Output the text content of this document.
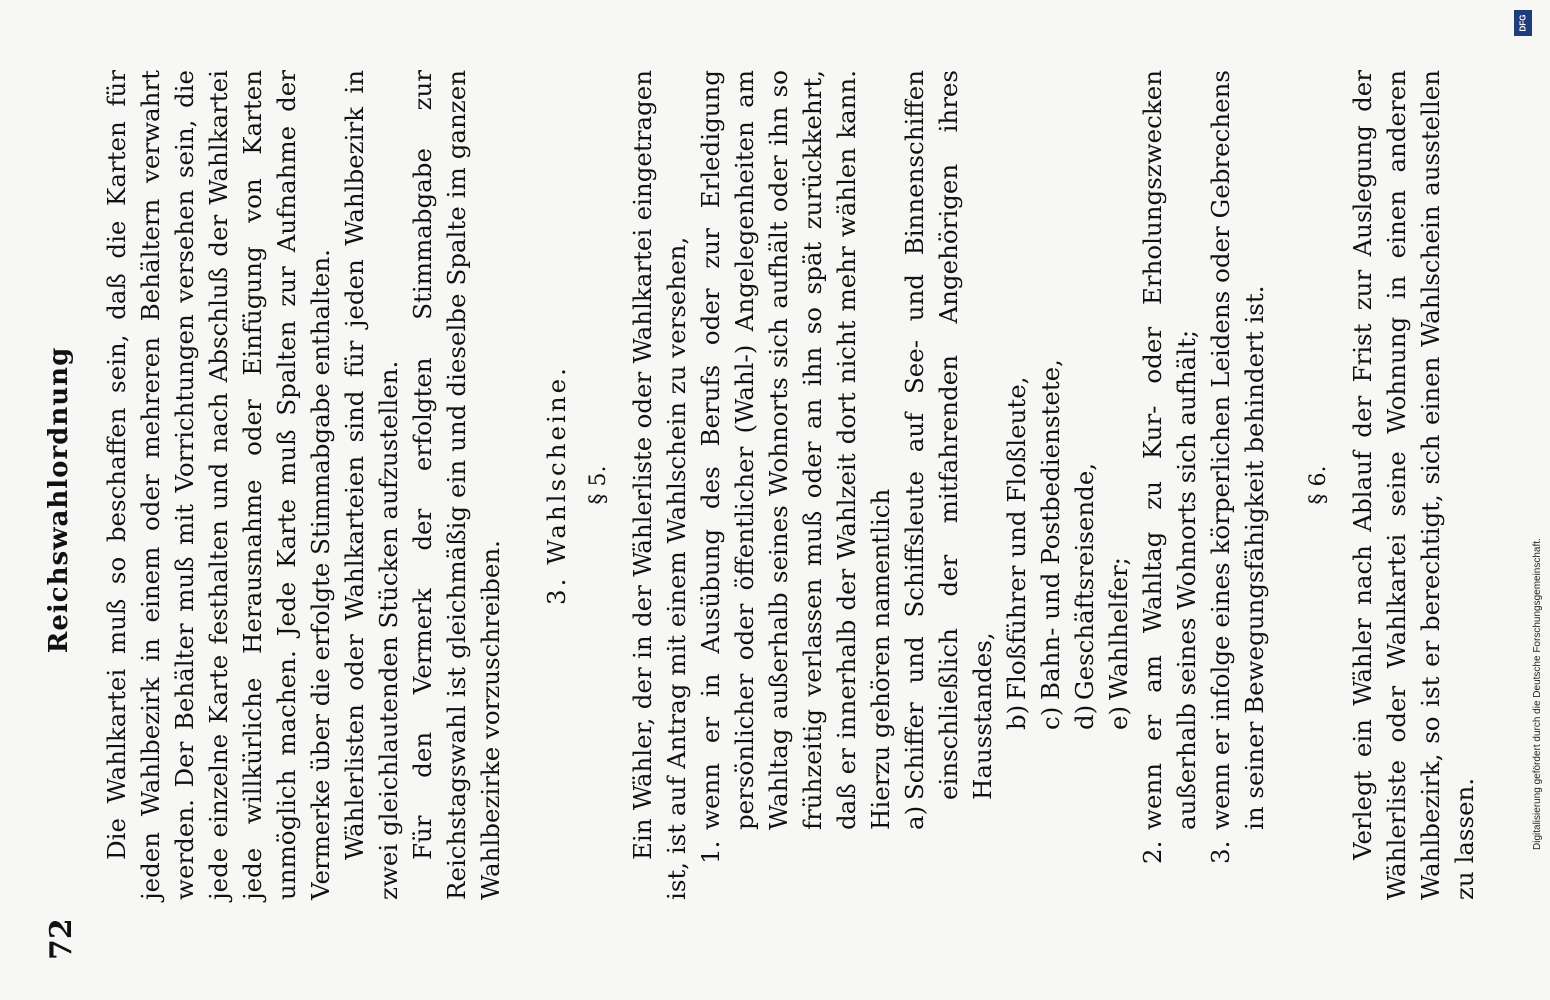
72
Reichswahlordnung Die Wahlkartei muß so beschaffen sein, daß die Karten für jeden Wahlbezirk in einem oder mehreren Behältern verwahrt werden. Der Behälter muß mit Vorrichtungen versehen sein, die jede einzelne Karte festhalten und nach Abschluß der Wahlkartei jede willkürliche Herausnahme oder Einfügung von Karten unmöglich machen. Jede Karte muß Spalten zur Aufnahme der Vermerke über die erfolgte Stimmabgabe enthalten. Wählerlisten oder Wahlkarteien sind für jeden Wahlbezirk in zwei gleichlautenden Stücken aufzustellen. Für den Vermerk der erfolgten Stimmabgabe zur Reichstagswahl ist gleichmäßig ein und dieselbe Spalte im ganzen Wahlbezirke vorzuschreiben.

3. Wahlscheine. § 5. Ein Wähler, der in der Wählerliste oder Wahlkartei eingetragen ist, ist auf Antrag mit einem Wahlschein zu versehen, 1.
wenn er in Ausübung des Berufs oder zur Erledigung persönlicher oder öffentlicher (Wahl-) Angelegenheiten am Wahltag außerhalb seines Wohnorts sich aufhält oder ihn so frühzeitig verlassen muß oder an ihn so spät zurückkehrt, daß er innerhalb der Wahlzeit dort nicht mehr wählen kann. Hierzu gehören namentlich a)
Schiffer und Schiffsleute auf See- und Binnenschiffen einschließlich der mitfahrenden Angehörigen ihres Hausstandes, b)
Floßführer und Floßleute,
c)
Bahn- und Postbedienstete,
d)
Geschäftsreisende,
e)
Wahlhelfer;
2.
wenn er am Wahltag zu Kur- oder Erholungszwecken außerhalb seines Wohnorts sich aufhält;
3.
wenn er infolge eines körperlichen Leidens oder Gebrechens in seiner Bewegungsfähigkeit behindert ist. § 6. Verlegt ein Wähler nach Ablauf der Frist zur Auslegung der Wählerliste oder Wahlkartei seine Wohnung in einen anderen Wahlbezirk, so ist er berechtigt, sich einen Wahlschein ausstellen zu lassen.	Digitalisierung gefördert durch die Deutsche Forschungsgemeinschaft.
DFG
